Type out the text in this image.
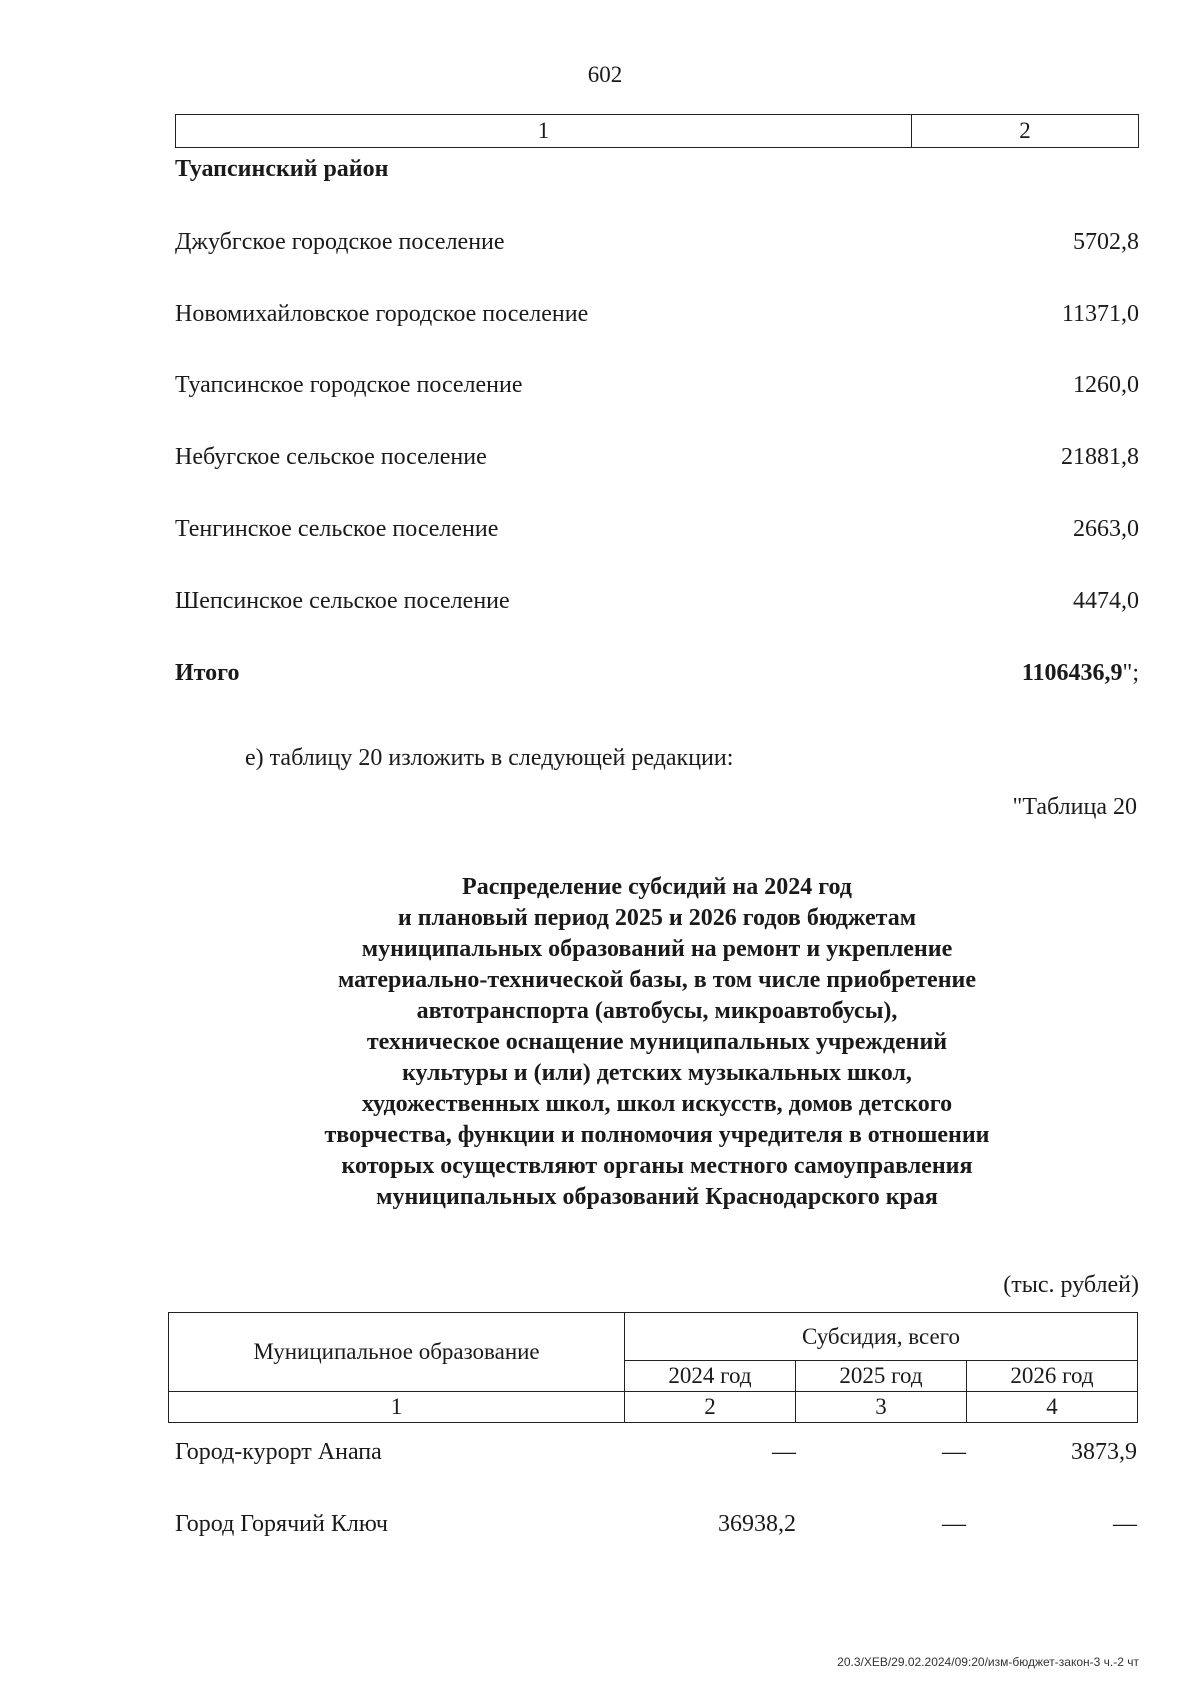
602
1	2
Туапсинский район
Джубгское городское поселение	5702,8
Новомихайловское городское поселение	11371,0
Туапсинское городское поселение	1260,0
Небугское сельское поселение	21881,8
Тенгинское сельское поселение	2663,0
Шепсинское сельское поселение	4474,0
Итого	1106436,9";
е) таблицу 20 изложить в следующей редакции:
"Таблица 20
Распределение субсидий на 2024 год
и плановый период 2025 и 2026 годов бюджетам
муниципальных образований на ремонт и укрепление
материально-технической базы, в том числе приобретение
автотранспорта (автобусы, микроавтобусы),
техническое оснащение муниципальных учреждений
культуры и (или) детских музыкальных школ,
художественных школ, школ искусств, домов детского
творчества, функции и полномочия учредителя в отношении
которых осуществляют органы местного самоуправления
муниципальных образований Краснодарского края
(тыс. рублей)
Муниципальное образование	Субсидия, всего		
	2024 год	2025 год	2026 год
1	2	3	4
Город-курорт Анапа	—	—	3873,9
Город Горячий Ключ	36938,2	—	—
20.3/ХЕВ/29.02.2024/09:20/изм-бюджет-закон-3 ч.-2 чт
